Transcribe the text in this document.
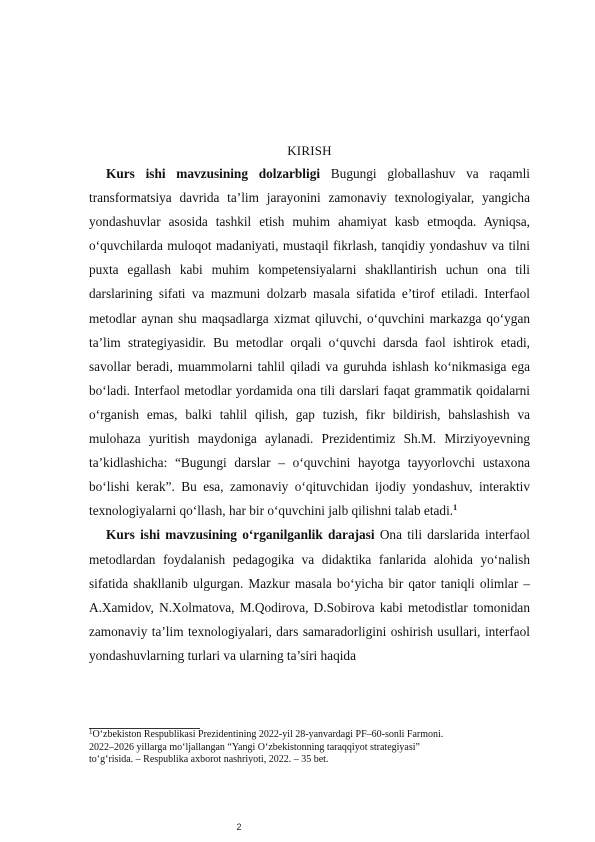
KIRISH

Kurs ishi mavzusining dolzarbligi Bugungi globallashuv va raqamli transformatsiya davrida ta’lim jarayonini zamonaviy texnologiyalar, yangicha yondashuvlar asosida tashkil etish muhim ahamiyat kasb etmoqda. Ayniqsa, o‘quvchilarda muloqot madaniyati, mustaqil fikrlash, tanqidiy yondashuv va tilni puxta egallash kabi muhim kompetensiyalarni shakllantirish uchun ona tili darslarining sifati va mazmuni dolzarb masala sifatida e’tirof etiladi. Interfaol metodlar aynan shu maqsadlarga xizmat qiluvchi, o‘quvchini markazga qo‘ygan ta’lim strategiyasidir. Bu metodlar orqali o‘quvchi darsda faol ishtirok etadi, savollar beradi, muammolarni tahlil qiladi va guruhda ishlash ko‘nikmasiga ega bo‘ladi. Interfaol metodlar yordamida ona tili darslari faqat grammatik qoidalarni o‘rganish emas, balki tahlil qilish, gap tuzish, fikr bildirish, bahslashish va mulohaza yuritish maydoniga aylanadi. Prezidentimiz Sh.M. Mirziyoyevning ta’kidlashicha: “Bugungi darslar – o‘quvchini hayotga tayyorlovchi ustaxona bo‘lishi kerak”. Bu esa, zamonaviy o‘qituvchidan ijodiy yondashuv, interaktiv texnologiyalarni qo‘llash, har bir o‘quvchini jalb qilishni talab etadi.$^1$

Kurs ishi mavzusining o‘rganilganlik darajasi Ona tili darslarida interfaol metodlardan foydalanish pedagogika va didaktika fanlarida alohida yo‘nalish sifatida shakllanib ulgurgan. Mazkur masala bo‘yicha bir qator taniqli olimlar – A.Xamidov, N.Xolmatova, M.Qodirova, D.Sobirova kabi metodistlar tomonidan zamonaviy ta’lim texnologiyalari, dars samaradorligini oshirish usullari, interfaol yondashuvlarning turlari va ularning ta’siri haqida

$^1$O‘zbekiston Respublikasi Prezidentining 2022-yil 28-yanvardagi PF–60-sonli Farmoni.
2022–2026 yillarga mo‘ljallangan “Yangi O‘zbekistonning taraqqiyot strategiyasi”
to‘g‘risida. – Respublika axborot nashriyoti, 2022. – 35 bet.
2
